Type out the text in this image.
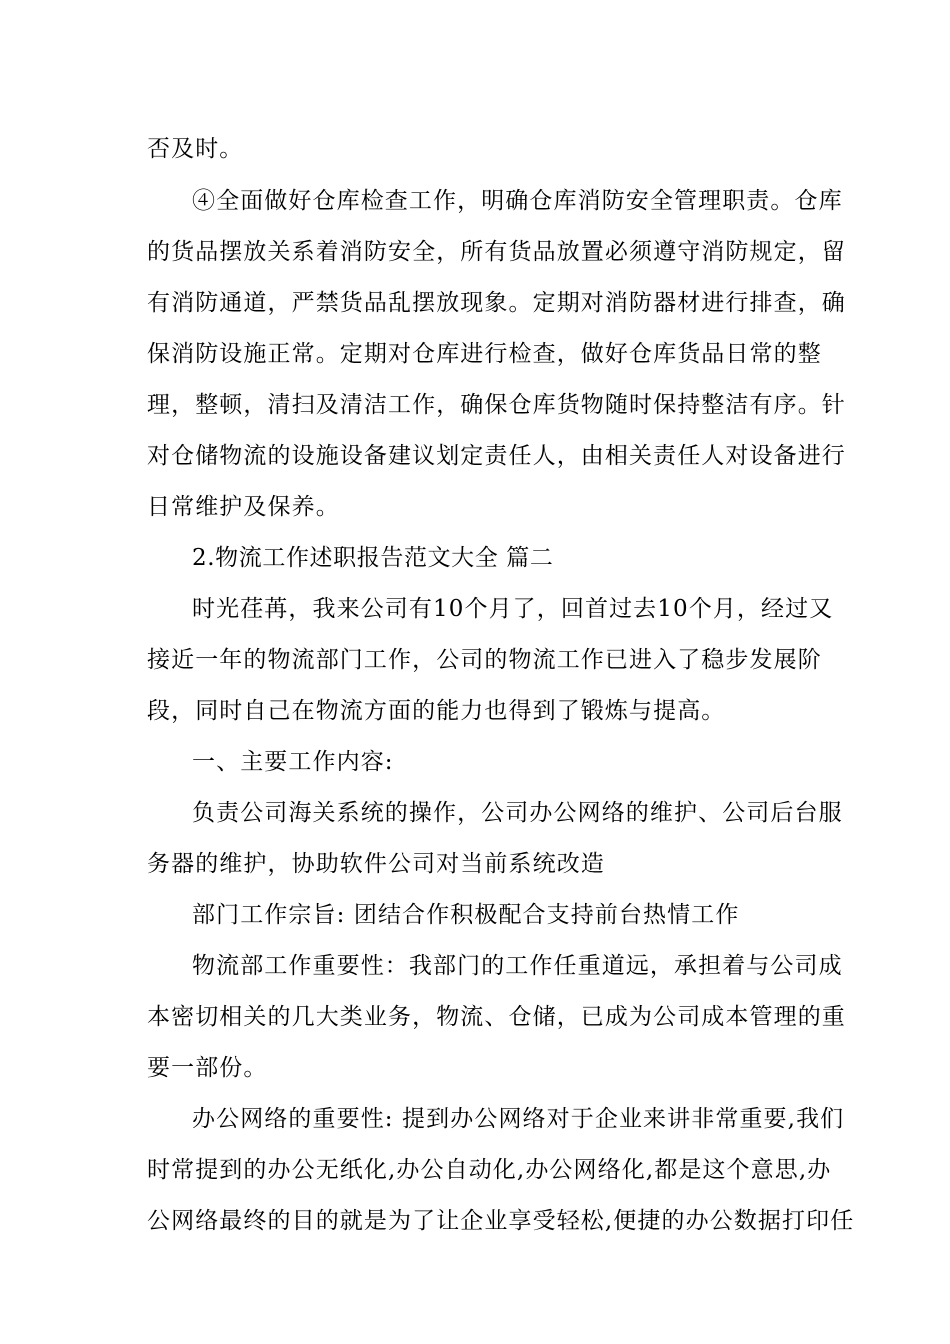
否及时。
④全面做好仓库检查工作，明确仓库消防安全管理职责。仓库
的货品摆放关系着消防安全，所有货品放置必须遵守消防规定，留
有消防通道，严禁货品乱摆放现象。定期对消防器材进行排查，确
保消防设施正常。定期对仓库进行检查，做好仓库货品日常的整
理，整顿，清扫及清洁工作，确保仓库货物随时保持整洁有序。针
对仓储物流的设施设备建议划定责任人，由相关责任人对设备进行
日常维护及保养。
2.物流工作述职报告范文大全 篇二
时光荏苒，我来公司有10个月了，回首过去10个月，经过又
接近一年的物流部门工作，公司的物流工作已进入了稳步发展阶
段，同时自己在物流方面的能力也得到了锻炼与提高。
一、主要工作内容:
负责公司海关系统的操作，公司办公网络的维护、公司后台服
务器的维护，协助软件公司对当前系统改造
部门工作宗旨: 团结合作积极配合支持前台热情工作
物流部工作重要性：我部门的工作任重道远，承担着与公司成
本密切相关的几大类业务，物流、仓储，已成为公司成本管理的重
要一部份。
办公网络的重要性: 提到办公网络对于企业来讲非常重要,我们
时常提到的办公无纸化,办公自动化,办公网络化,都是这个意思,办
公网络最终的目的就是为了让企业享受轻松,便捷的办公数据打印任
